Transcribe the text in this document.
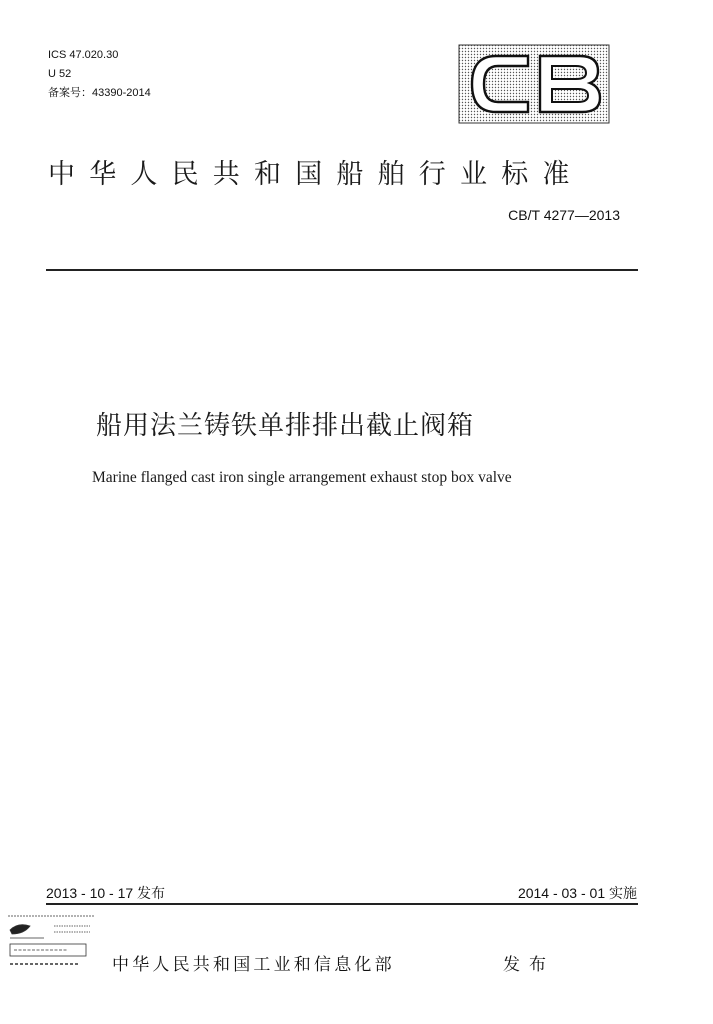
ICS 47.020.30
U 52
备案号：43390-2014
中华人民共和国船舶行业标准
CB/T 4277—2013
船用法兰铸铁单排排出截止阀箱
Marine flanged cast iron single arrangement exhaust stop box valve
2013 - 10 - 17 发布	2014 - 03 - 01 实施
中华人民共和国工业和信息化部	发布
